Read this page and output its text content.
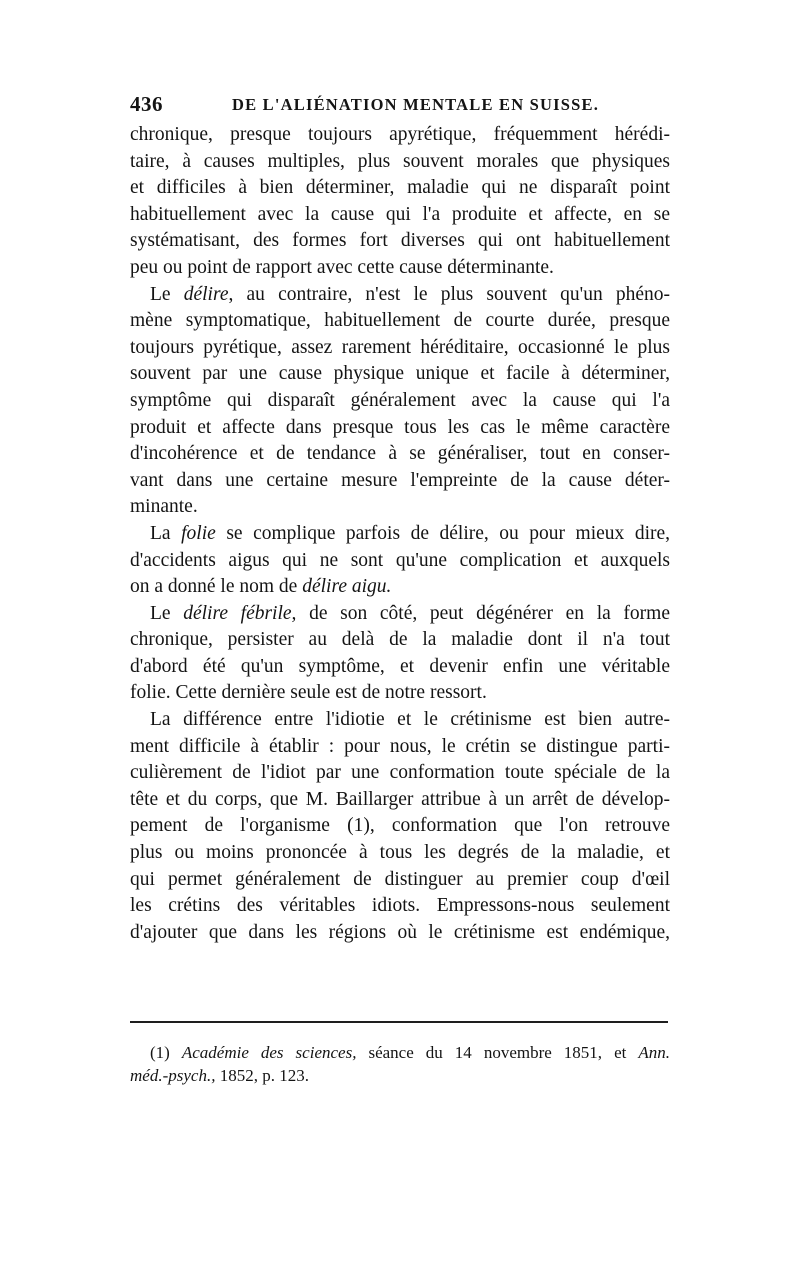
436	DE L'ALIÉNATION MENTALE EN SUISSE.
chronique, presque toujours apyrétique, fréquemment hérédi-
taire, à causes multiples, plus souvent morales que physiques
et difficiles à bien déterminer, maladie qui ne disparaît point
habituellement avec la cause qui l'a produite et affecte, en se
systématisant, des formes fort diverses qui ont habituellement
peu ou point de rapport avec cette cause déterminante.
Le délire, au contraire, n'est le plus souvent qu'un phéno-
mène symptomatique, habituellement de courte durée, presque
toujours pyrétique, assez rarement héréditaire, occasionné le plus
souvent par une cause physique unique et facile à déterminer,
symptôme qui disparaît généralement avec la cause qui l'a
produit et affecte dans presque tous les cas le même caractère
d'incohérence et de tendance à se généraliser, tout en conser-
vant dans une certaine mesure l'empreinte de la cause déter-
minante.
La folie se complique parfois de délire, ou pour mieux dire,
d'accidents aigus qui ne sont qu'une complication et auxquels
on a donné le nom de délire aigu.
Le délire fébrile, de son côté, peut dégénérer en la forme
chronique, persister au delà de la maladie dont il n'a tout
d'abord été qu'un symptôme, et devenir enfin une véritable
folie. Cette dernière seule est de notre ressort.
La différence entre l'idiotie et le crétinisme est bien autre-
ment difficile à établir : pour nous, le crétin se distingue parti-
culièrement de l'idiot par une conformation toute spéciale de la
tête et du corps, que M. Baillarger attribue à un arrêt de dévelop-
pement de l'organisme (1), conformation que l'on retrouve
plus ou moins prononcée à tous les degrés de la maladie, et
qui permet généralement de distinguer au premier coup d'œil
les crétins des véritables idiots. Empressons-nous seulement
d'ajouter que dans les régions où le crétinisme est endémique,
(1) Académie des sciences, séance du 14 novembre 1851, et Ann.
méd.-psych., 1852, p. 123.
